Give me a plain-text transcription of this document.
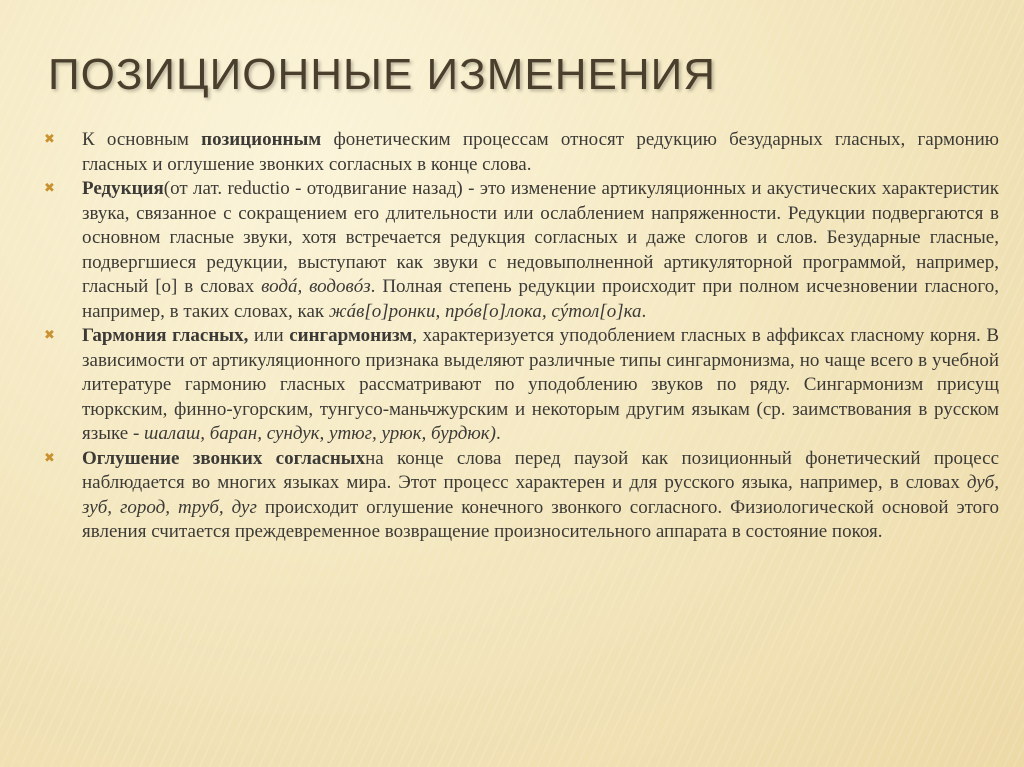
ПОЗИЦИОННЫЕ ИЗМЕНЕНИЯ
✖ К основным позиционным фонетическим процессам относят редукцию безударных гласных, гармонию гласных и оглушение звонких согласных в конце слова.
✖ Редукция(от лат. reductio - отодвигание назад) - это изменение артикуляционных и акустических характеристик звука, связанное с сокращением его длительности или ослаблением напряженности. Редукции подвергаются в основном гласные звуки, хотя встречается редукция согласных и даже слогов и слов. Безударные гласные, подвергшиеся редукции, выступают как звуки с недовыполненной артикуляторной программой, например, гласный [о] в словах водá, водовóз. Полная степень редукции происходит при полном исчезновении гласного, например, в таких словах, как жáв[о]ронки, прóв[о]лока, сýтол[о]ка.
✖ Гармония гласных, или сингармонизм, характеризуется уподоблением гласных в аффиксах гласному корня. В зависимости от артикуляционного признака выделяют различные типы сингармонизма, но чаще всего в учебной литературе гармонию гласных рассматривают по уподоблению звуков по ряду. Сингармонизм присущ тюркским, финно-угорским, тунгусо-маньчжурским и некоторым другим языкам (ср. заимствования в русском языке - шалаш, баран, сундук, утюг, урюк, бурдюк).
✖ Оглушение звонких согласныхна конце слова перед паузой как позиционный фонетический процесс наблюдается во многих языках мира. Этот процесс характерен и для русского языка, например, в словах дуб, зуб, город, труб, дуг происходит оглушение конечного звонкого согласного. Физиологической основой этого явления считается преждевременное возвращение произносительного аппарата в состояние покоя.
